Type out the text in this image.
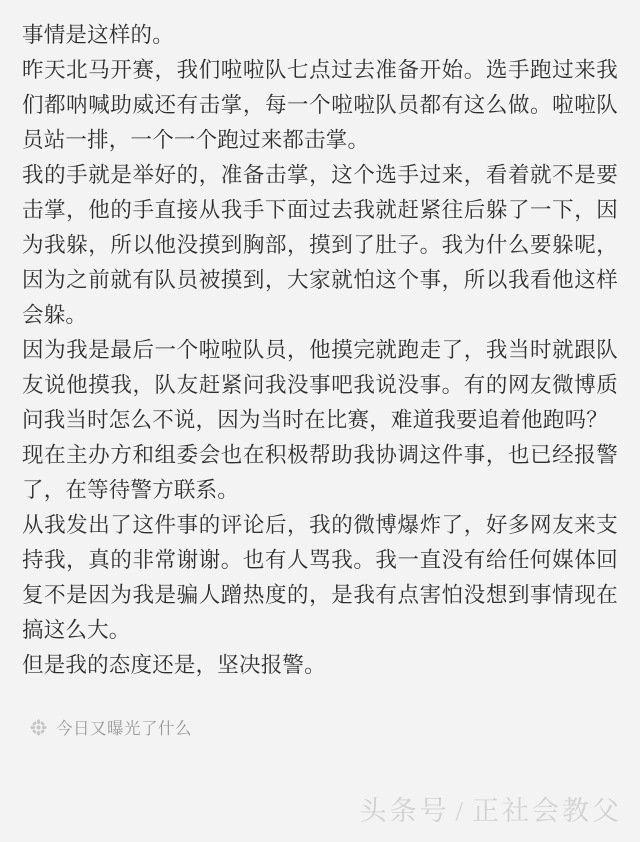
事情是这样的。

昨天北马开赛，我们啦啦队七点过去准备开始。选手跑过来我们都呐喊助威还有击掌，每一个啦啦队员都有这么做。啦啦队员站一排，一个一个跑过来都击掌。

我的手就是举好的，准备击掌，这个选手过来，看着就不是要击掌，他的手直接从我手下面过去我就赶紧往后躲了一下，因为我躲，所以他没摸到胸部，摸到了肚子。我为什么要躲呢，因为之前就有队员被摸到，大家就怕这个事，所以我看他这样会躲。

因为我是最后一个啦啦队员，他摸完就跑走了，我当时就跟队友说他摸我，队友赶紧问我没事吧我说没事。有的网友微博质问我当时怎么不说，因为当时在比赛，难道我要追着他跑吗？

现在主办方和组委会也在积极帮助我协调这件事，也已经报警了，在等待警方联系。

从我发出了这件事的评论后，我的微博爆炸了，好多网友来支持我，真的非常谢谢。也有人骂我。我一直没有给任何媒体回复不是因为我是骗人蹭热度的，是我有点害怕没想到事情现在搞这么大。

但是我的态度还是，坚决报警。

今日又曝光了什么
头条号 / 正社会教父
